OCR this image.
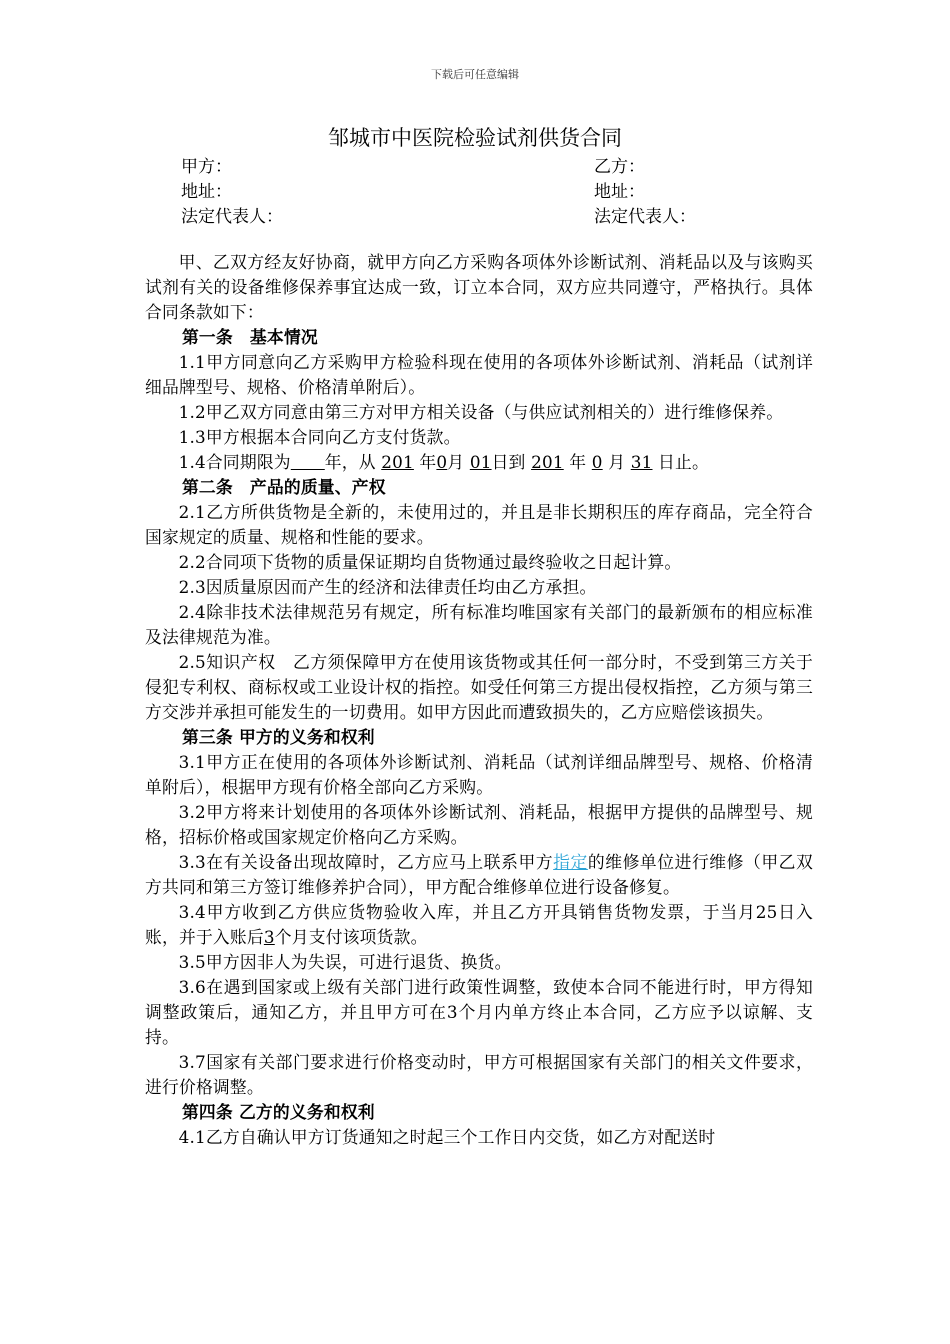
下载后可任意编辑
邹城市中医院检验试剂供货合同
甲方：	乙方：
地址：	地址：
法定代表人：	法定代表人：

甲、乙双方经友好协商，就甲方向乙方采购各项体外诊断试剂、消耗品以及与该购买试剂有关的设备维修保养事宜达成一致，订立本合同，双方应共同遵守，严格执行。具体合同条款如下：

第一条　基本情况

1.1甲方同意向乙方采购甲方检验科现在使用的各项体外诊断试剂、消耗品（试剂详细品牌型号、规格、价格清单附后）。

1.2甲乙双方同意由第三方对甲方相关设备（与供应试剂相关的）进行维修保养。

1.3甲方根据本合同向乙方支付货款。

1.4合同期限为　　 年，从 201 年0月 01日到 201 年 0 月 31 日止。

第二条　产品的质量、产权

2.1乙方所供货物是全新的，未使用过的，并且是非长期积压的库存商品，完全符合国家规定的质量、规格和性能的要求。

2.2合同项下货物的质量保证期均自货物通过最终验收之日起计算。

2.3因质量原因而产生的经济和法律责任均由乙方承担。

2.4除非技术法律规范另有规定，所有标准均唯国家有关部门的最新颁布的相应标准及法律规范为准。

2.5知识产权　乙方须保障甲方在使用该货物或其任何一部分时，不受到第三方关于侵犯专利权、商标权或工业设计权的指控。如受任何第三方提出侵权指控，乙方须与第三方交涉并承担可能发生的一切费用。如甲方因此而遭致损失的，乙方应赔偿该损失。

第三条 甲方的义务和权利

3.1甲方正在使用的各项体外诊断试剂、消耗品（试剂详细品牌型号、规格、价格清单附后），根据甲方现有价格全部向乙方采购。

3.2甲方将来计划使用的各项体外诊断试剂、消耗品，根据甲方提供的品牌型号、规格，招标价格或国家规定价格向乙方采购。

3.3在有关设备出现故障时，乙方应马上联系甲方指定的维修单位进行维修（甲乙双方共同和第三方签订维修养护合同），甲方配合维修单位进行设备修复。

3.4甲方收到乙方供应货物验收入库，并且乙方开具销售货物发票，于当月25日入账，并于入账后3个月支付该项货款。

3.5甲方因非人为失误，可进行退货、换货。

3.6在遇到国家或上级有关部门进行政策性调整，致使本合同不能进行时，甲方得知调整政策后，通知乙方，并且甲方可在3个月内单方终止本合同，乙方应予以谅解、支持。

3.7国家有关部门要求进行价格变动时，甲方可根据国家有关部门的相关文件要求，进行价格调整。

第四条 乙方的义务和权利

4.1乙方自确认甲方订货通知之时起三个工作日内交货，如乙方对配送时
